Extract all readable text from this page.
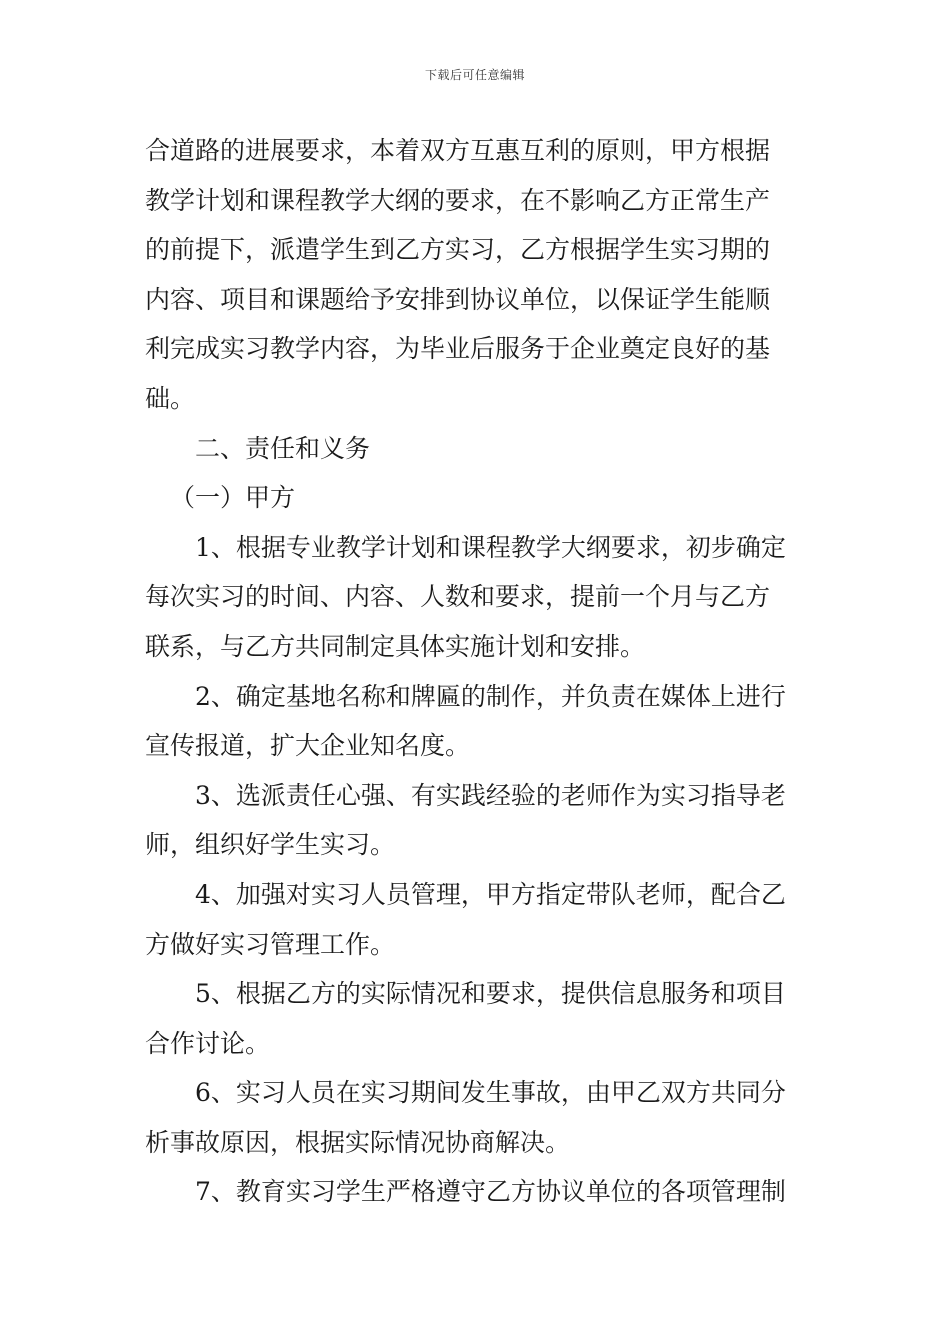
下载后可任意编辑
合道路的进展要求，本着双方互惠互利的原则，甲方根据
教学计划和课程教学大纲的要求，在不影响乙方正常生产
的前提下，派遣学生到乙方实习，乙方根据学生实习期的
内容、项目和课题给予安排到协议单位，以保证学生能顺
利完成实习教学内容，为毕业后服务于企业奠定良好的基
础。
二、责任和义务
（一）甲方
1、根据专业教学计划和课程教学大纲要求，初步确定
每次实习的时间、内容、人数和要求，提前一个月与乙方
联系，与乙方共同制定具体实施计划和安排。
2、确定基地名称和牌匾的制作，并负责在媒体上进行
宣传报道，扩大企业知名度。
3、选派责任心强、有实践经验的老师作为实习指导老
师，组织好学生实习。
4、加强对实习人员管理，甲方指定带队老师，配合乙
方做好实习管理工作。
5、根据乙方的实际情况和要求，提供信息服务和项目
合作讨论。
6、实习人员在实习期间发生事故，由甲乙双方共同分
析事故原因，根据实际情况协商解决。
7、教育实习学生严格遵守乙方协议单位的各项管理制
